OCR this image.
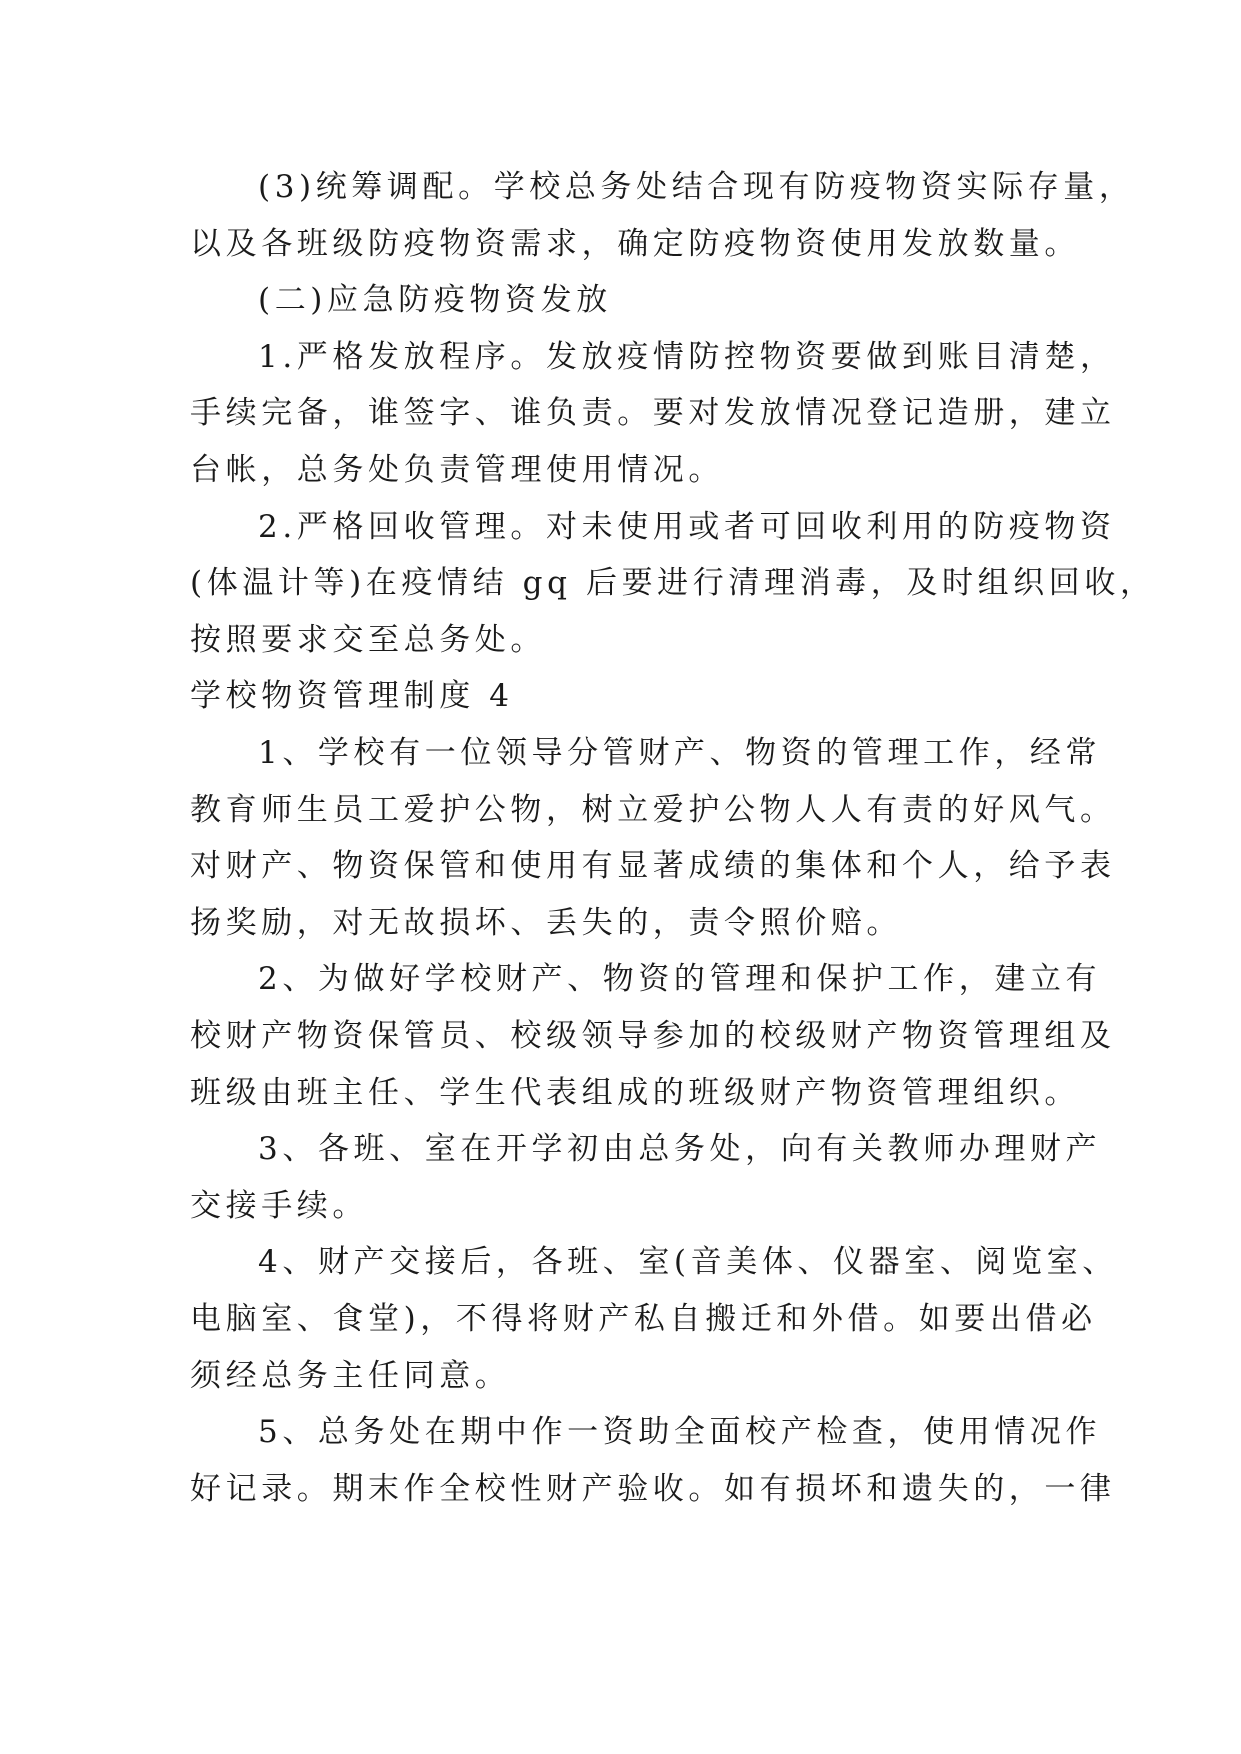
(3)统筹调配。学校总务处结合现有防疫物资实际存量，
以及各班级防疫物资需求，确定防疫物资使用发放数量。
(二)应急防疫物资发放
1.严格发放程序。发放疫情防控物资要做到账目清楚，
手续完备，谁签字、谁负责。要对发放情况登记造册，建立
台帐，总务处负责管理使用情况。
2.严格回收管理。对未使用或者可回收利用的防疫物资
(体温计等)在疫情结 gq 后要进行清理消毒，及时组织回收，
按照要求交至总务处。
学校物资管理制度 4
1、学校有一位领导分管财产、物资的管理工作，经常
教育师生员工爱护公物，树立爱护公物人人有责的好风气。
对财产、物资保管和使用有显著成绩的集体和个人，给予表
扬奖励，对无故损坏、丢失的，责令照价赔。
2、为做好学校财产、物资的管理和保护工作，建立有
校财产物资保管员、校级领导参加的校级财产物资管理组及
班级由班主任、学生代表组成的班级财产物资管理组织。
3、各班、室在开学初由总务处，向有关教师办理财产
交接手续。
4、财产交接后，各班、室(音美体、仪器室、阅览室、
电脑室、食堂)，不得将财产私自搬迁和外借。如要出借必
须经总务主任同意。
5、总务处在期中作一资助全面校产检查，使用情况作
好记录。期末作全校性财产验收。如有损坏和遗失的，一律
